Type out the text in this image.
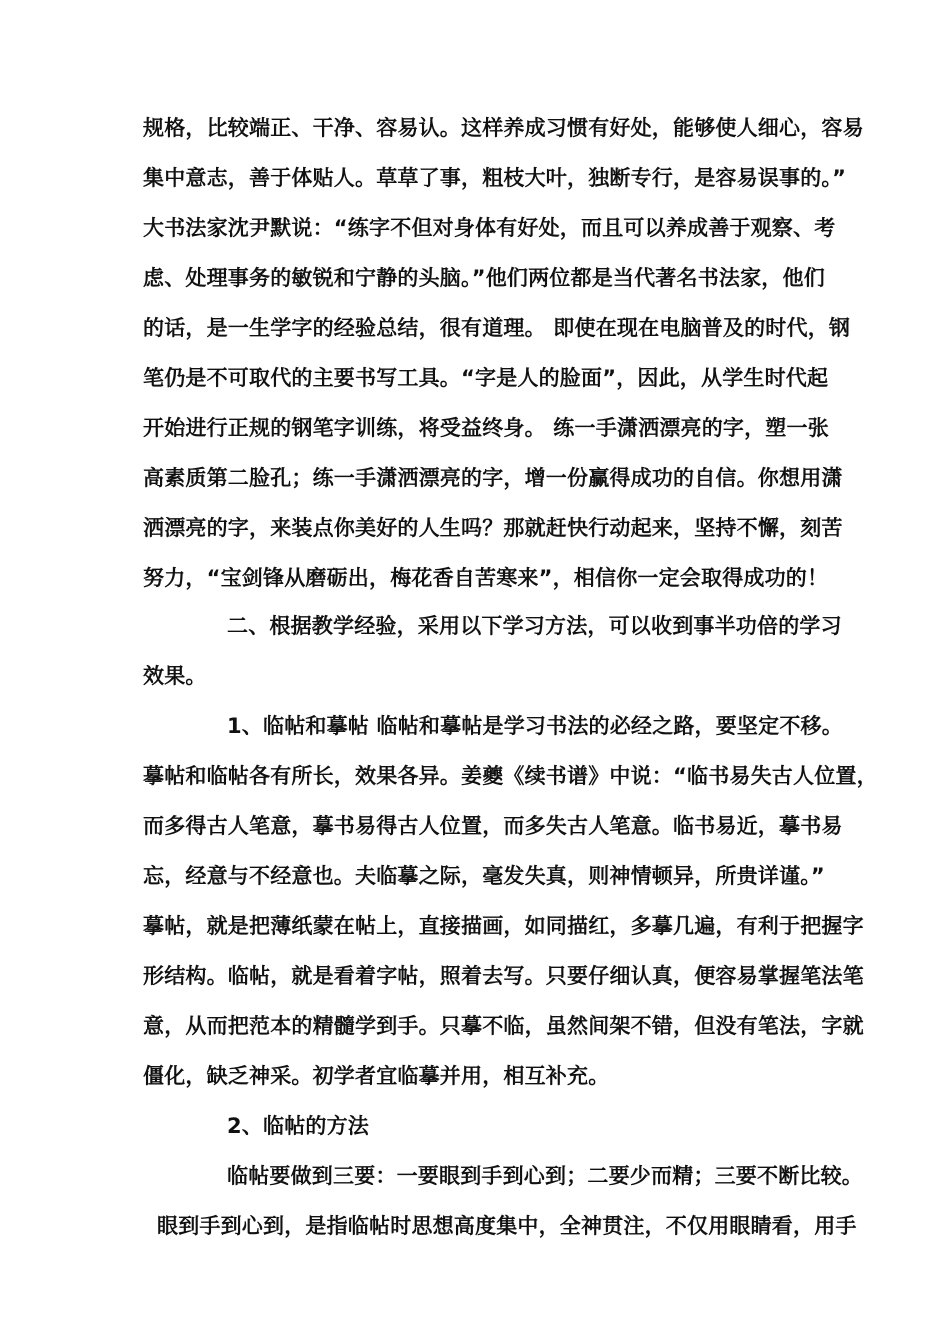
规格，比较端正、干净、容易认。这样养成习惯有好处，能够使人细心，容易
集中意志，善于体贴人。草草了事，粗枝大叶，独断专行，是容易误事的。”
大书法家沈尹默说：“练字不但对身体有好处，而且可以养成善于观察、考
虑、处理事务的敏锐和宁静的头脑。”他们两位都是当代著名书法家，他们
的话，是一生学字的经验总结，很有道理。 即使在现在电脑普及的时代，钢
笔仍是不可取代的主要书写工具。“字是人的脸面”，因此，从学生时代起
开始进行正规的钢笔字训练，将受益终身。 练一手潇洒漂亮的字，塑一张
高素质第二脸孔；练一手潇洒漂亮的字，增一份赢得成功的自信。你想用潇
洒漂亮的字，来装点你美好的人生吗？那就赶快行动起来，坚持不懈，刻苦
努力，“宝剑锋从磨砺出，梅花香自苦寒来”，相信你一定会取得成功的！
二、根据教学经验，采用以下学习方法，可以收到事半功倍的学习
效果。
1、临帖和摹帖 临帖和摹帖是学习书法的必经之路，要坚定不移。
摹帖和临帖各有所长，效果各异。姜夔《续书谱》中说：“临书易失古人位置，
而多得古人笔意，摹书易得古人位置，而多失古人笔意。临书易近，摹书易
忘，经意与不经意也。夫临摹之际，毫发失真，则神情顿异，所贵详谨。”
摹帖，就是把薄纸蒙在帖上，直接描画，如同描红，多摹几遍，有利于把握字
形结构。临帖，就是看着字帖，照着去写。只要仔细认真，便容易掌握笔法笔
意，从而把范本的精髓学到手。只摹不临，虽然间架不错，但没有笔法，字就
僵化，缺乏神采。初学者宜临摹并用，相互补充。
2、临帖的方法
临帖要做到三要：一要眼到手到心到；二要少而精；三要不断比较。
眼到手到心到，是指临帖时思想高度集中，全神贯注，不仅用眼睛看，用手
